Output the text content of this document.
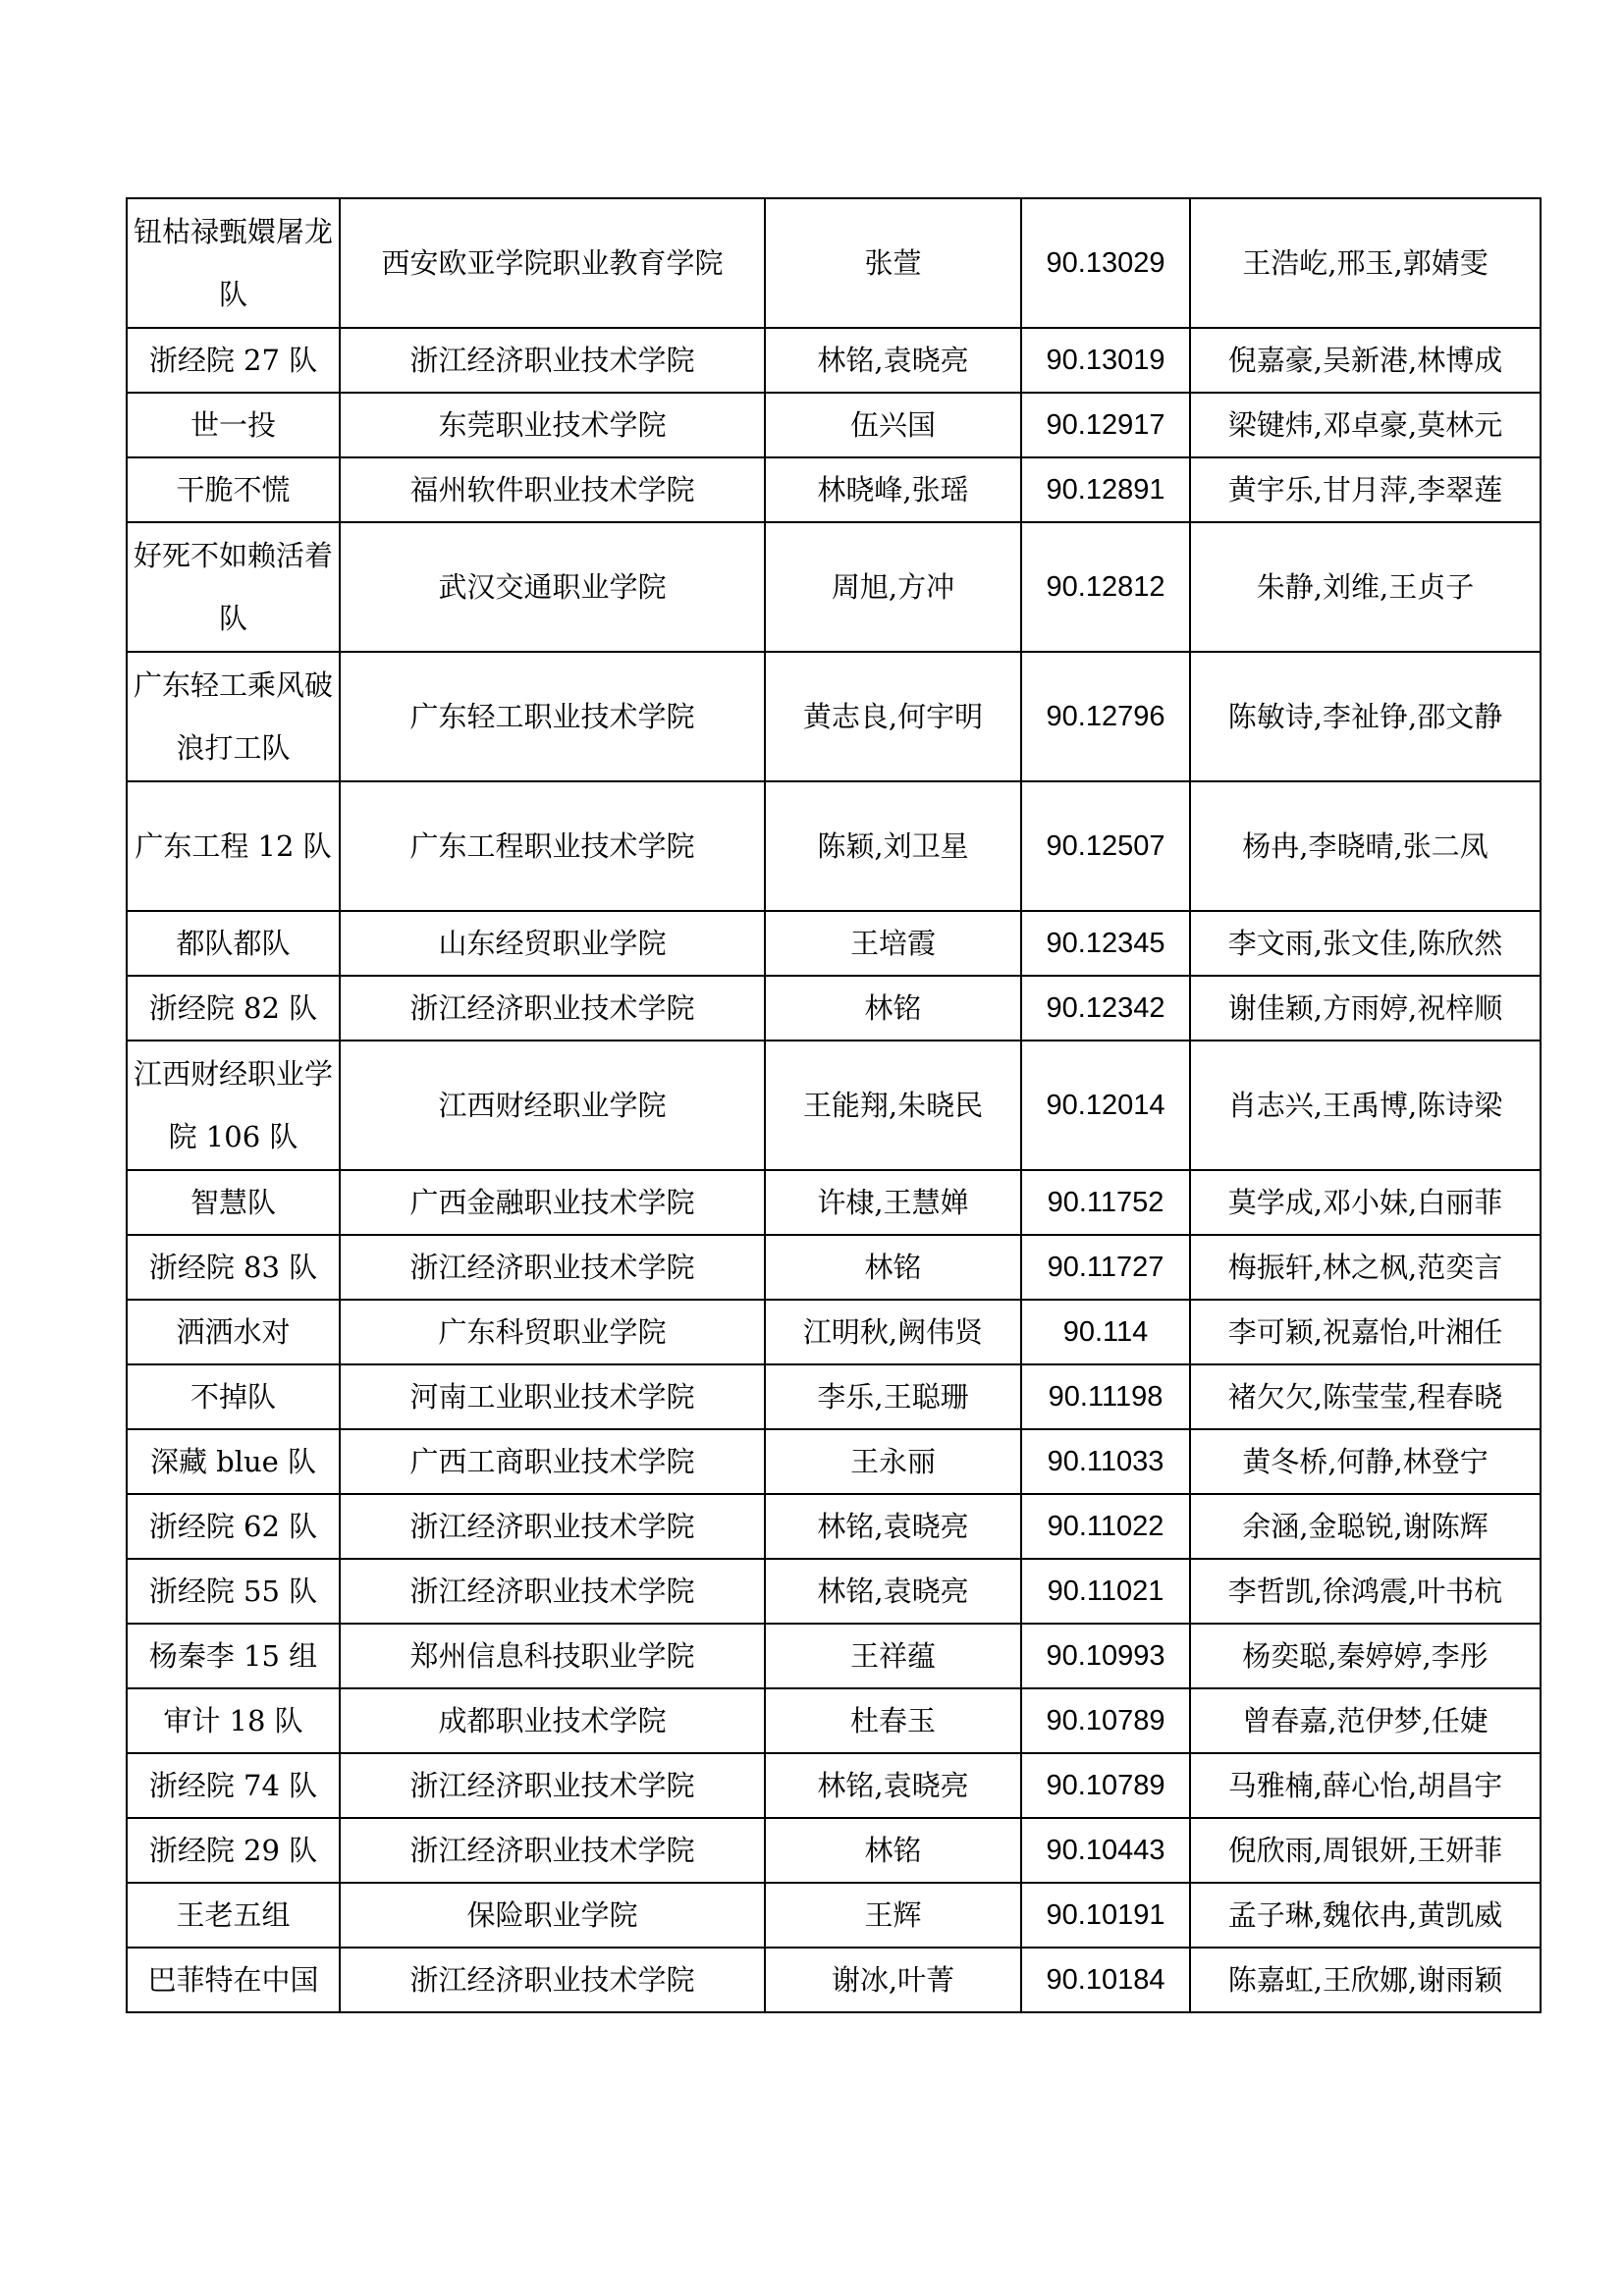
钮枯禄甄嬛屠龙队	西安欧亚学院职业教育学院	张萱	90.13029	王浩屹,邢玉,郭婧雯
浙经院 27 队	浙江经济职业技术学院	林铭,袁晓亮	90.13019	倪嘉豪,吴新港,林博成
世一投	东莞职业技术学院	伍兴国	90.12917	梁键炜,邓卓豪,莫林元
干脆不慌	福州软件职业技术学院	林晓峰,张瑶	90.12891	黄宇乐,甘月萍,李翠莲
好死不如赖活着队	武汉交通职业学院	周旭,方冲	90.12812	朱静,刘维,王贞子
广东轻工乘风破浪打工队	广东轻工职业技术学院	黄志良,何宇明	90.12796	陈敏诗,李祉铮,邵文静
广东工程 12 队	广东工程职业技术学院	陈颖,刘卫星	90.12507	杨冉,李晓晴,张二凤
都队都队	山东经贸职业学院	王培霞	90.12345	李文雨,张文佳,陈欣然
浙经院 82 队	浙江经济职业技术学院	林铭	90.12342	谢佳颖,方雨婷,祝梓顺
江西财经职业学院 106 队	江西财经职业学院	王能翔,朱晓民	90.12014	肖志兴,王禹博,陈诗梁
智慧队	广西金融职业技术学院	许棣,王慧婵	90.11752	莫学成,邓小妹,白丽菲
浙经院 83 队	浙江经济职业技术学院	林铭	90.11727	梅振轩,林之枫,范奕言
洒洒水对	广东科贸职业学院	江明秋,阙伟贤	90.114	李可颖,祝嘉怡,叶湘任
不掉队	河南工业职业技术学院	李乐,王聪珊	90.11198	褚欠欠,陈莹莹,程春晓
深藏 blue 队	广西工商职业技术学院	王永丽	90.11033	黄冬桥,何静,林登宁
浙经院 62 队	浙江经济职业技术学院	林铭,袁晓亮	90.11022	余涵,金聪锐,谢陈辉
浙经院 55 队	浙江经济职业技术学院	林铭,袁晓亮	90.11021	李哲凯,徐鸿震,叶书杭
杨秦李 15 组	郑州信息科技职业学院	王祥蕴	90.10993	杨奕聪,秦婷婷,李彤
审计 18 队	成都职业技术学院	杜春玉	90.10789	曾春嘉,范伊梦,任婕
浙经院 74 队	浙江经济职业技术学院	林铭,袁晓亮	90.10789	马雅楠,薛心怡,胡昌宇
浙经院 29 队	浙江经济职业技术学院	林铭	90.10443	倪欣雨,周银妍,王妍菲
王老五组	保险职业学院	王辉	90.10191	孟子琳,魏依冉,黄凯威
巴菲特在中国	浙江经济职业技术学院	谢冰,叶菁	90.10184	陈嘉虹,王欣娜,谢雨颖
